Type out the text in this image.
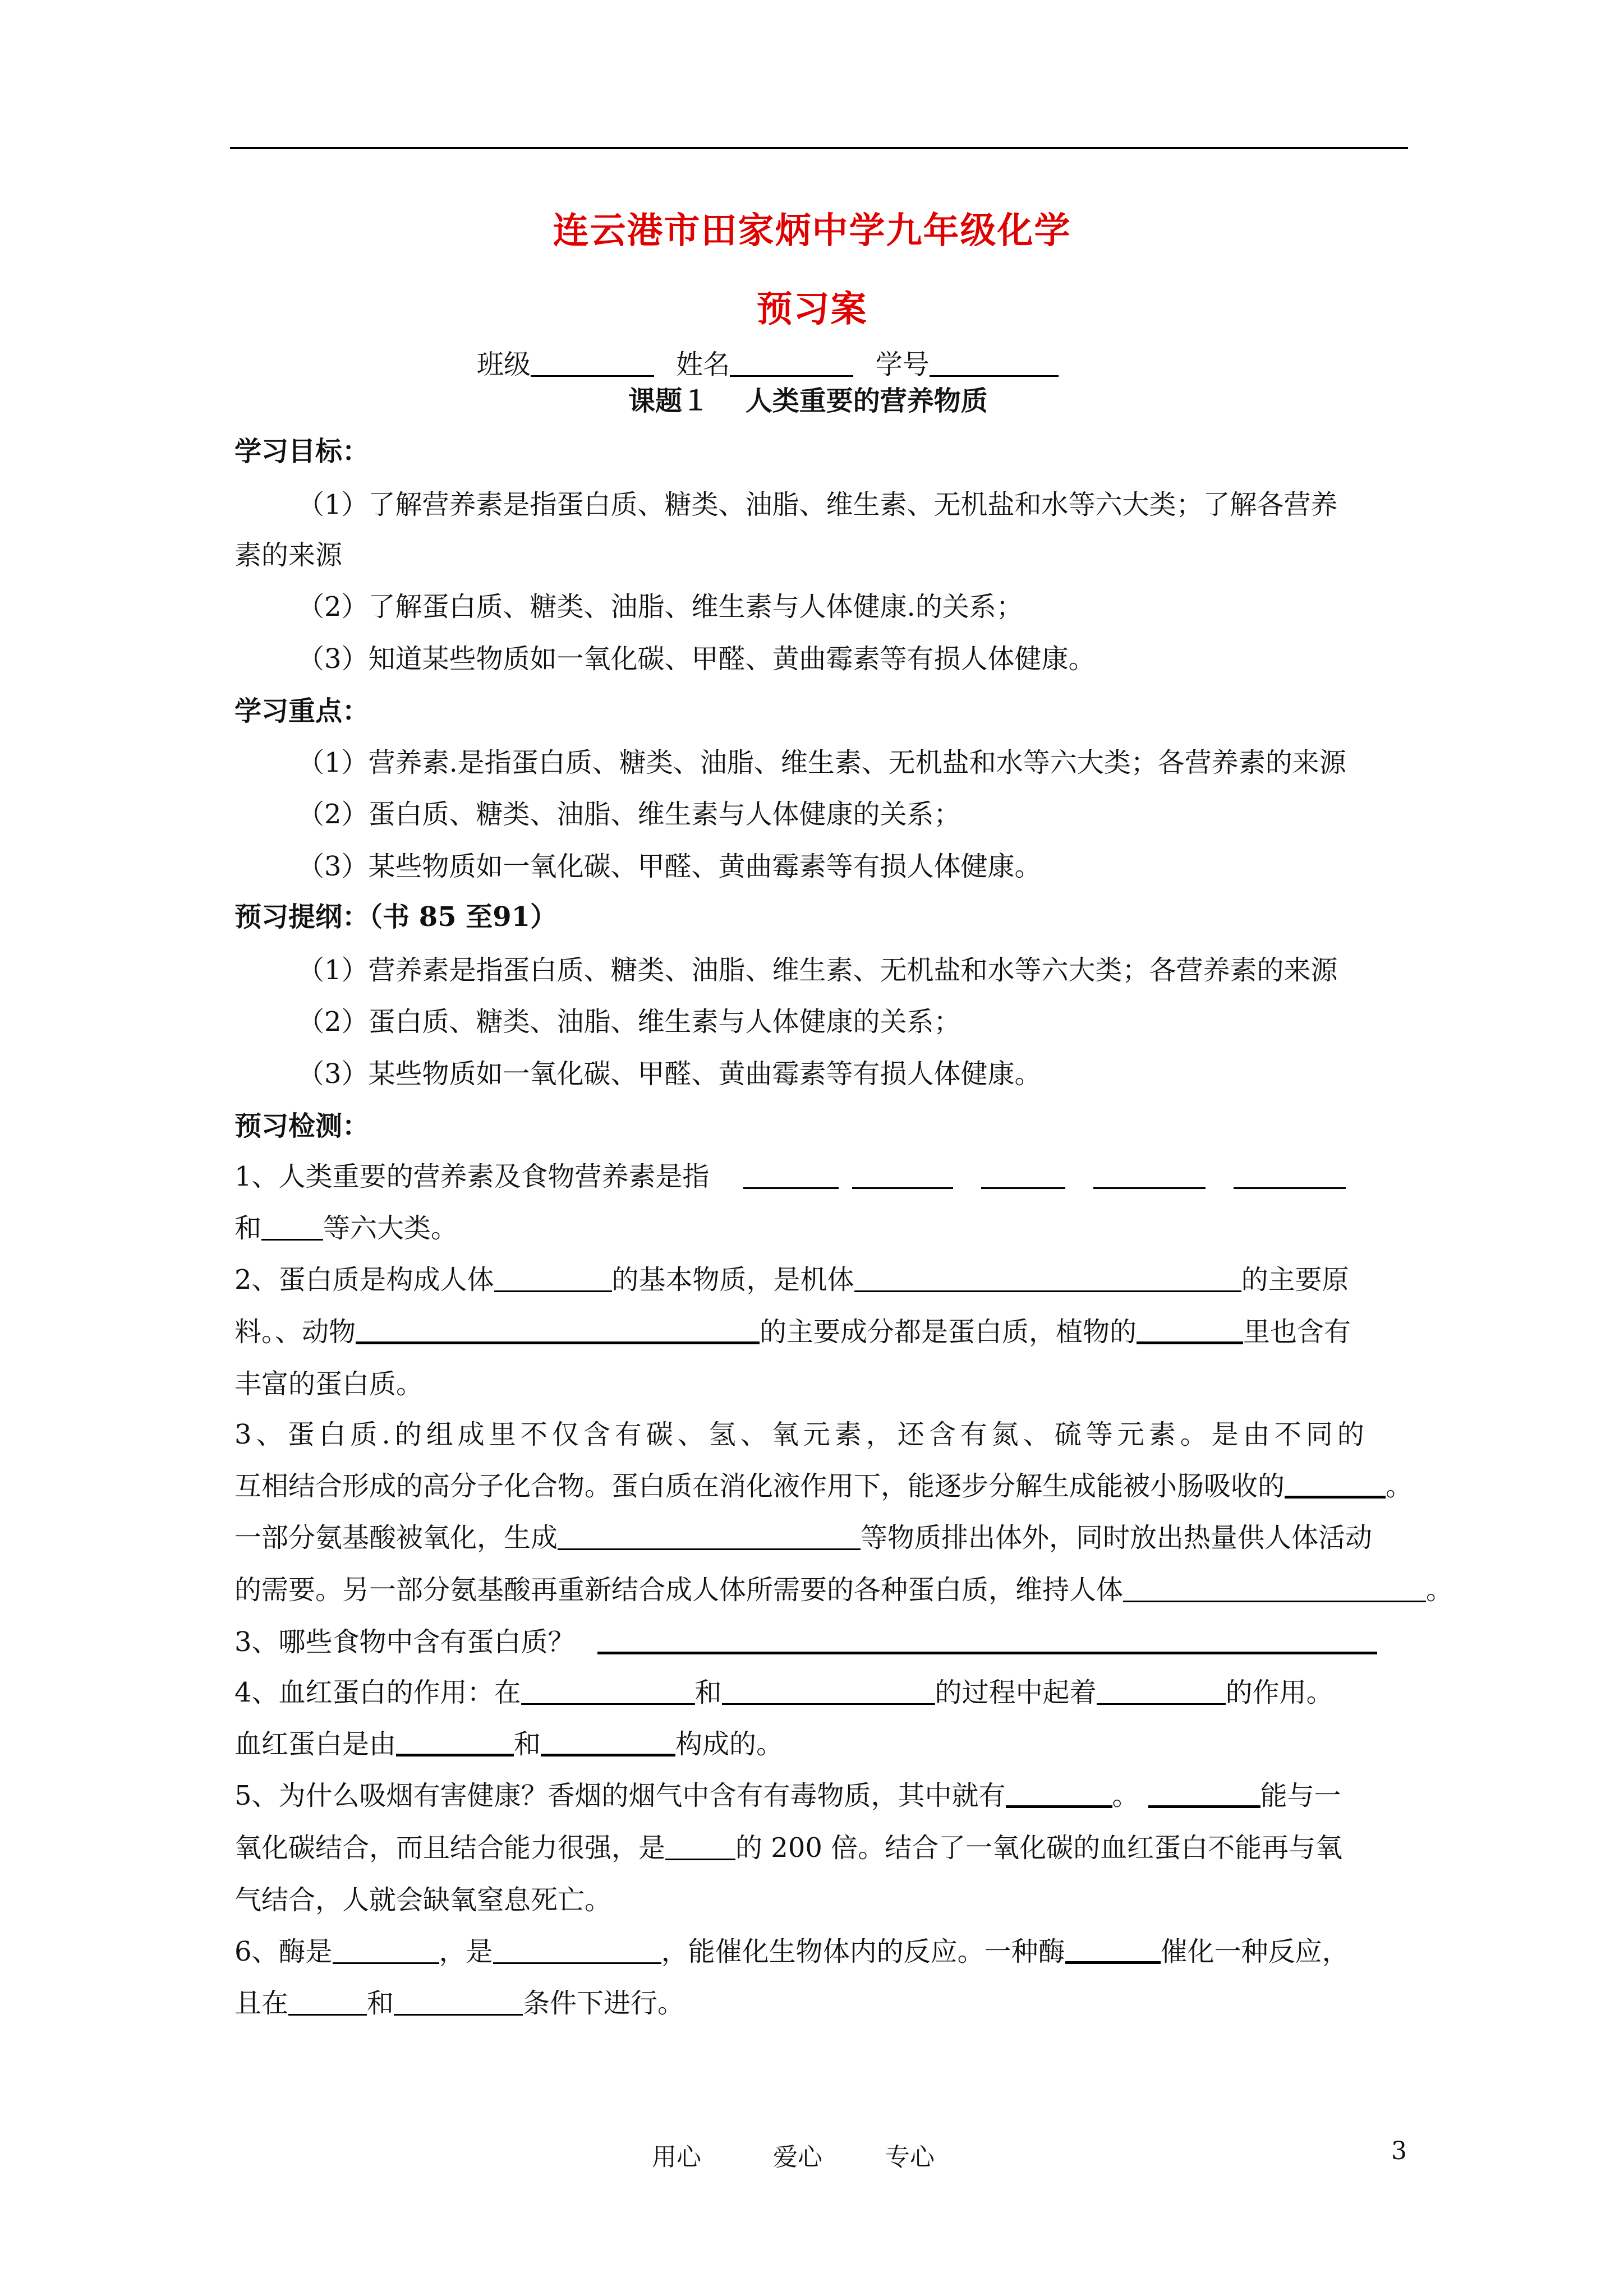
连云港市田家炳中学九年级化学
预习案
班级	姓名	学号
课题１　 人类重要的营养物质
学习目标：
（1）了解营养素是指蛋白质、糖类、油脂、维生素、无机盐和水等六大类；了解各营养
素的来源
（2）了解蛋白质、糖类、油脂、维生素与人体健康.的关系；
（3）知道某些物质如一氧化碳、甲醛、黄曲霉素等有损人体健康。
学习重点：
（1）营养素.是指蛋白质、糖类、油脂、维生素、无机盐和水等六大类；各营养素的来源
（2）蛋白质、糖类、油脂、维生素与人体健康的关系；
（3）某些物质如一氧化碳、甲醛、黄曲霉素等有损人体健康。
预习提纲：（书 85 至91）
（1）营养素是指蛋白质、糖类、油脂、维生素、无机盐和水等六大类；各营养素的来源
（2）蛋白质、糖类、油脂、维生素与人体健康的关系；
（3）某些物质如一氧化碳、甲醛、黄曲霉素等有损人体健康。
预习检测：
1、人类重要的营养素及食物营养素是指
和 等六大类。
2、蛋白质是构成人体	的基本物质，是机体	的主要原
料。、动物	的主要成分都是蛋白质，植物的	里也含有
丰富的蛋白质。
3、蛋白质.的组成里不仅含有碳、氢、氧元素，还含有氮、硫等元素。是由不同的
互相结合形成的高分子化合物。蛋白质在消化液作用下，能逐步分解生成能被小肠吸收的	。
一部分氨基酸被氧化，生成	等物质排出体外，同时放出热量供人体活动
的需要。另一部分氨基酸再重新结合成人体所需要的各种蛋白质，维持人体	。
3、哪些食物中含有蛋白质？
4、血红蛋白的作用：在	和	的过程中起着	的作用。
血红蛋白是由	和	构成的。
5、为什么吸烟有害健康？香烟的烟气中含有有毒物质，其中就有	。	能与一
氧化碳结合，而且结合能力很强，是	的 200 倍。结合了一氧化碳的血红蛋白不能再与氧
气结合，人就会缺氧窒息死亡。
6、酶是	，是	，能催化生物体内的反应。一种酶	催化一种反应，
且在	和	条件下进行。
用心	爱心	专心	3
